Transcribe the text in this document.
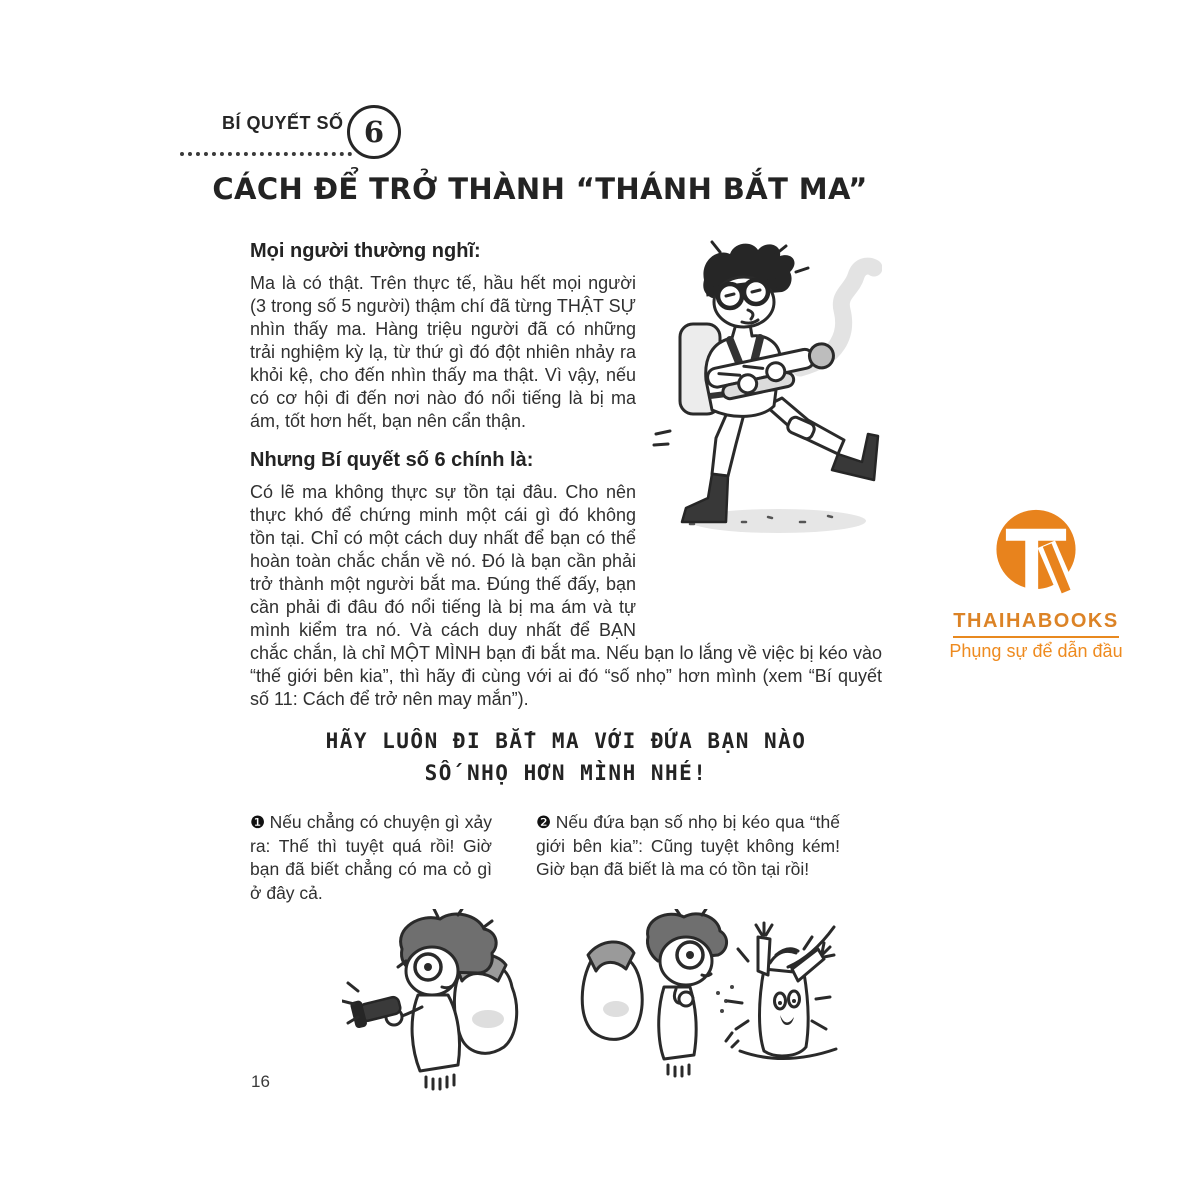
BÍ QUYẾT SỐ 6
CÁCH ĐỂ TRỞ THÀNH “THÁNH BẮT MA”
Mọi người thường nghĩ:

Ma là có thật. Trên thực tế, hầu hết mọi người (3 trong số 5 người) thậm chí đã từng THẬT SỰ nhìn thấy ma. Hàng triệu người đã có những trải nghiệm kỳ lạ, từ thứ gì đó đột nhiên nhảy ra khỏi kệ, cho đến nhìn thấy ma thật. Vì vậy, nếu có cơ hội đi đến nơi nào đó nổi tiếng là bị ma ám, tốt hơn hết, bạn nên cẩn thận.

Nhưng Bí quyết số 6 chính là:

Có lẽ ma không thực sự tồn tại đâu. Cho nên thực khó để chứng minh một cái gì đó không tồn tại. Chỉ có một cách duy nhất để bạn có thể hoàn toàn chắc chắn về nó. Đó là bạn cần phải trở thành một người bắt ma. Đúng thế đấy, bạn cần phải đi đâu đó nổi tiếng là bị ma ám và tự mình kiểm tra nó. Và cách duy nhất để BẠN chắc chắn, là chỉ MỘT MÌNH bạn đi bắt ma. Nếu bạn lo lắng về việc bị kéo vào “thế giới bên kia”, thì hãy đi cùng với ai đó “số nhọ” hơn mình (xem “Bí quyết số 11: Cách để trở nên may mắn”).

HÃY LUÔN ĐI BẮT MA VỚI ĐỨA BẠN NÀO
SỐ NHỌ HƠN MÌNH NHÉ!
❶ Nếu chẳng có chuyện gì xảy ra: Thế thì tuyệt quá rồi! Giờ bạn đã biết chẳng có ma cỏ gì ở đây cả.
❷ Nếu đứa bạn số nhọ bị kéo qua “thế giới bên kia”: Cũng tuyệt không kém! Giờ bạn đã biết là ma có tồn tại rồi!
THAIHABOOKS
Phụng sự để dẫn đầu
16
